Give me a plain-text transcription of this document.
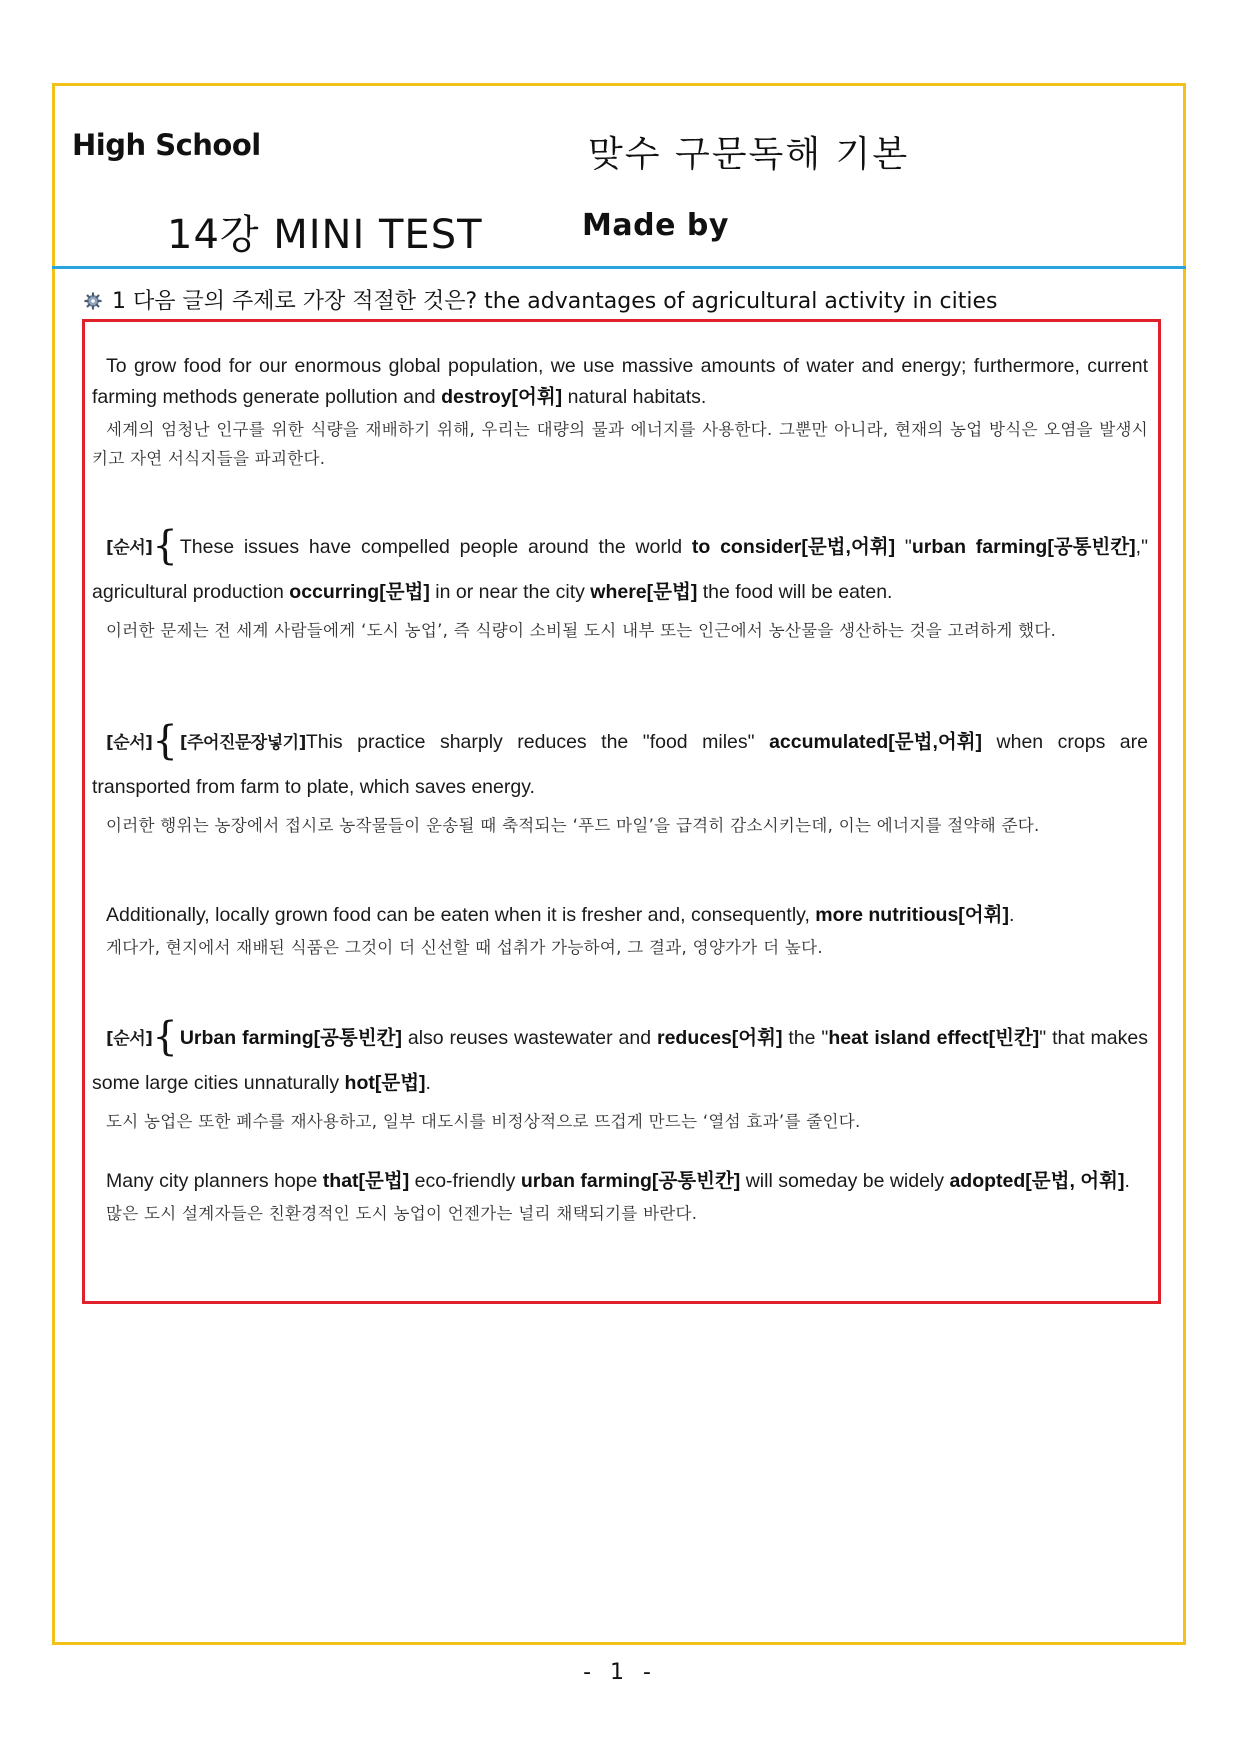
High School	맞수 구문독해 기본
14강 MINI TEST	Made by
1 다음 글의 주제로 가장 적절한 것은? the advantages of agricultural activity in cities

To grow food for our enormous global population, we use massive amounts of water and energy; furthermore, current farming methods generate pollution and destroy[어휘] natural habitats.

세계의 엄청난 인구를 위한 식량을 재배하기 위해, 우리는 대량의 물과 에너지를 사용한다. 그뿐만 아니라, 현재의 농업 방식은 오염을 발생시키고 자연 서식지들을 파괴한다.

[순서]{ These issues have compelled people around the world to consider[문법,어휘] "urban farming[공통빈칸]," agricultural production occurring[문법] in or near the city where[문법] the food will be eaten.

이러한 문제는 전 세계 사람들에게 ‘도시 농업’, 즉 식량이 소비될 도시 내부 또는 인근에서 농산물을 생산하는 것을 고려하게 했다.

[순서]{ [주어진문장넣기]This practice sharply reduces the "food miles" accumulated[문법,어휘] when crops are transported from farm to plate, which saves energy.

이러한 행위는 농장에서 접시로 농작물들이 운송될 때 축적되는 ‘푸드 마일’을 급격히 감소시키는데, 이는 에너지를 절약해 준다.

Additionally, locally grown food can be eaten when it is fresher and, consequently, more nutritious[어휘].

게다가, 현지에서 재배된 식품은 그것이 더 신선할 때 섭취가 가능하여, 그 결과, 영양가가 더 높다.

[순서]{ Urban farming[공통빈칸] also reuses wastewater and reduces[어휘] the "heat island effect[빈칸]" that makes some large cities unnaturally hot[문법].

도시 농업은 또한 폐수를 재사용하고, 일부 대도시를 비정상적으로 뜨겁게 만드는 ‘열섬 효과’를 줄인다.

Many city planners hope that[문법] eco-friendly urban farming[공통빈칸] will someday be widely adopted[문법, 어휘].

많은 도시 설계자들은 친환경적인 도시 농업이 언젠가는 널리 채택되기를 바란다.

- 1 -
